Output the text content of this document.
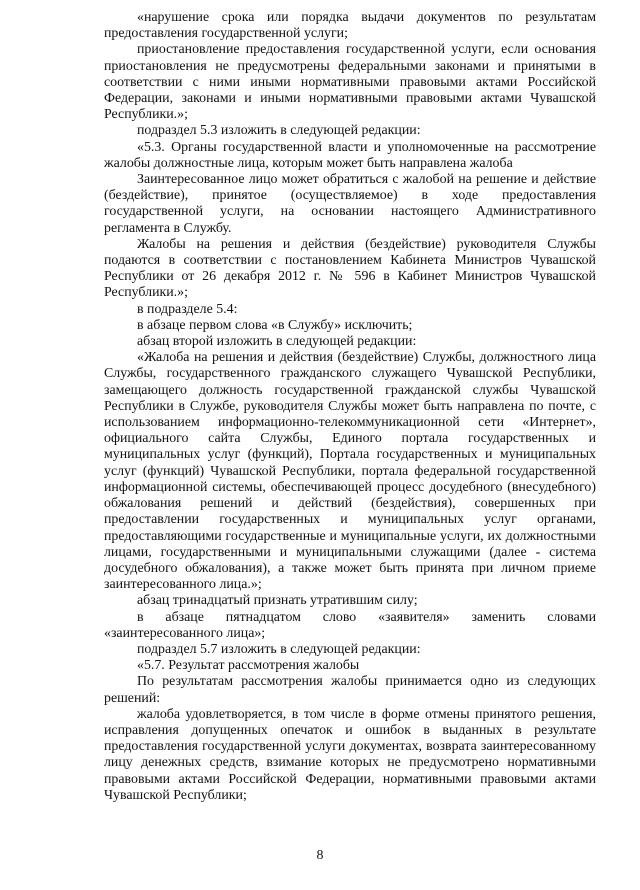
«нарушение срока или порядка выдачи документов по результатам предоставления государственной услуги;

приостановление предоставления государственной услуги, если основания приостановления не предусмотрены федеральными законами и принятыми в соответствии с ними иными нормативными правовыми актами Российской Федерации, законами и иными нормативными правовыми актами Чувашской Республики.»;

подраздел 5.3 изложить в следующей редакции:

«5.3. Органы государственной власти и уполномоченные на рассмотрение жалобы должностные лица, которым может быть направлена жалоба

Заинтересованное лицо может обратиться с жалобой на решение и действие (бездействие), принятое (осуществляемое) в ходе предоставления государственной услуги, на основании настоящего Административного регламента в Службу.

Жалобы на решения и действия (бездействие) руководителя Службы подаются в соответствии с постановлением Кабинета Министров Чувашской Республики от 26 декабря 2012 г. № 596 в Кабинет Министров Чувашской Республики.»;

в подразделе 5.4:

в абзаце первом слова «в Службу» исключить;

абзац второй изложить в следующей редакции:

«Жалоба на решения и действия (бездействие) Службы, должностного лица Службы, государственного гражданского служащего Чувашской Республики, замещающего должность государственной гражданской службы Чувашской Республики в Службе, руководителя Службы может быть направлена по почте, с использованием информационно-телекоммуникационной сети «Интернет», официального сайта Службы, Единого портала государственных и муниципальных услуг (функций), Портала государственных и муниципальных услуг (функций) Чувашской Республики, портала федеральной государственной информационной системы, обеспечивающей процесс досудебного (внесудебного) обжалования решений и действий (бездействия), совершенных при предоставлении государственных и муниципальных услуг органами, предоставляющими государственные и муниципальные услуги, их должностными лицами, государственными и муниципальными служащими (далее - система досудебного обжалования), а также может быть принята при личном приеме заинтересованного лица.»;

абзац тринадцатый признать утратившим силу;

в абзаце пятнадцатом слово «заявителя» заменить словами «заинтересованного лица»;

подраздел 5.7 изложить в следующей редакции:

«5.7. Результат рассмотрения жалобы

По результатам рассмотрения жалобы принимается одно из следующих решений:

жалоба удовлетворяется, в том числе в форме отмены принятого решения, исправления допущенных опечаток и ошибок в выданных в результате предоставления государственной услуги документах, возврата заинтересованному лицу денежных средств, взимание которых не предусмотрено нормативными правовыми актами Российской Федерации, нормативными правовыми актами Чувашской Республики;

8
